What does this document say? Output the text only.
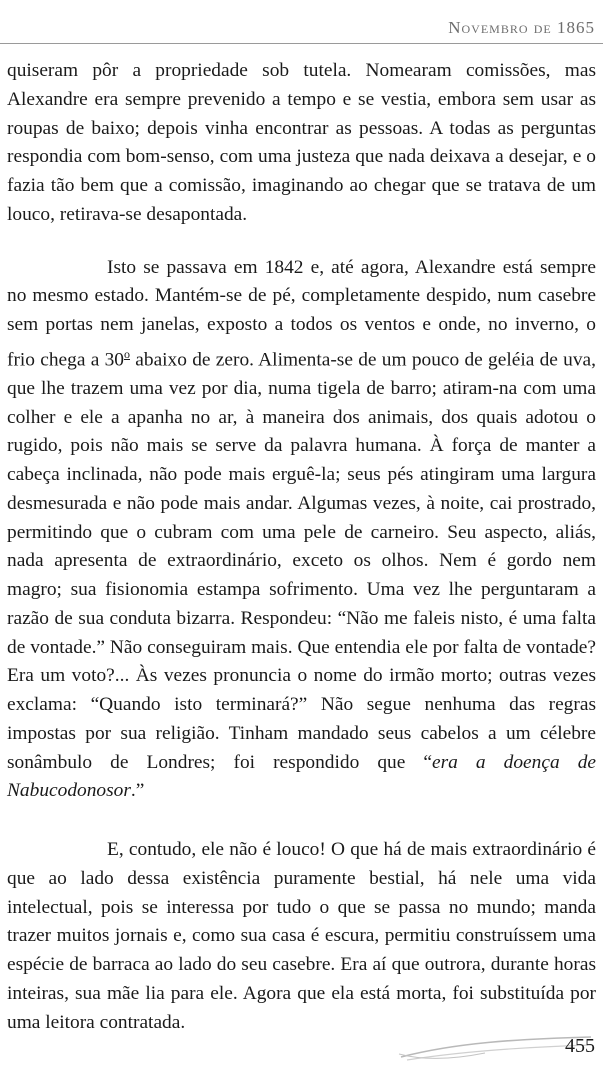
Novembro de 1865

quiseram pôr a propriedade sob tutela. Nomearam comissões, mas Alexandre era sempre prevenido a tempo e se vestia, embora sem usar as roupas de baixo; depois vinha encontrar as pessoas. A todas as perguntas respondia com bom-senso, com uma justeza que nada deixava a desejar, e o fazia tão bem que a comissão, imaginando ao chegar que se tratava de um louco, retirava-se desapontada.

Isto se passava em 1842 e, até agora, Alexandre está sempre no mesmo estado. Mantém-se de pé, completamente despido, num casebre sem portas nem janelas, exposto a todos os ventos e onde, no inverno, o frio chega a 30$^o$ abaixo de zero. Alimenta-se de um pouco de geléia de uva, que lhe trazem uma vez por dia, numa tigela de barro; atiram-na com uma colher e ele a apanha no ar, à maneira dos animais, dos quais adotou o rugido, pois não mais se serve da palavra humana. À força de manter a cabeça inclinada, não pode mais erguê-la; seus pés atingiram uma largura desmesurada e não pode mais andar. Algumas vezes, à noite, cai prostrado, permitindo que o cubram com uma pele de carneiro. Seu aspecto, aliás, nada apresenta de extraordinário, exceto os olhos. Nem é gordo nem magro; sua fisionomia estampa sofrimento. Uma vez lhe perguntaram a razão de sua conduta bizarra. Respondeu: “Não me faleis nisto, é uma falta de vontade.” Não conseguiram mais. Que entendia ele por falta de vontade? Era um voto?... Às vezes pronuncia o nome do irmão morto; outras vezes exclama: “Quando isto terminará?” Não segue nenhuma das regras impostas por sua religião. Tinham mandado seus cabelos a um célebre sonâmbulo de Londres; foi respondido que “era a doença de Nabucodonosor.”

E, contudo, ele não é louco! O que há de mais extraordinário é que ao lado dessa existência puramente bestial, há nele uma vida intelectual, pois se interessa por tudo o que se passa no mundo; manda trazer muitos jornais e, como sua casa é escura, permitiu construíssem uma espécie de barraca ao lado do seu casebre. Era aí que outrora, durante horas inteiras, sua mãe lia para ele. Agora que ela está morta, foi substituída por uma leitora contratada.

455
